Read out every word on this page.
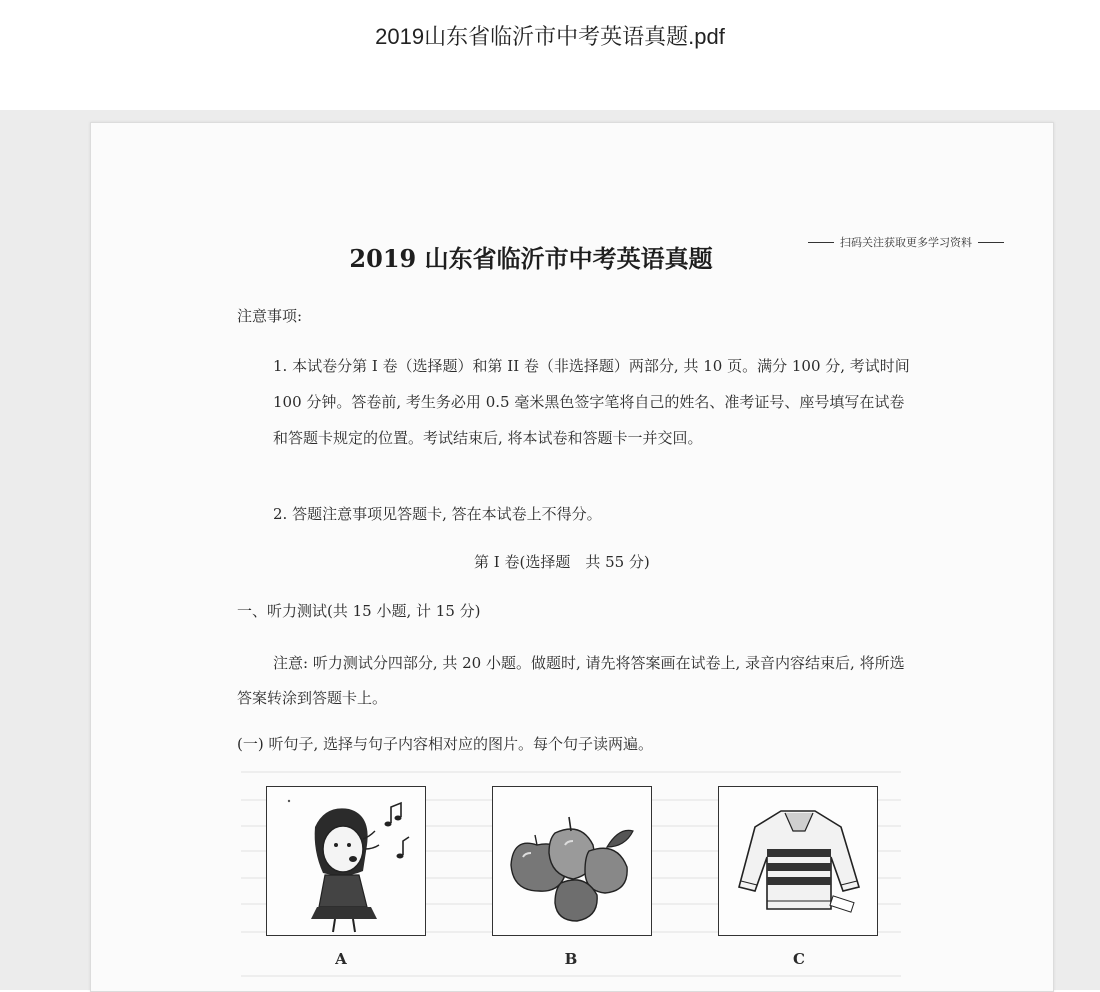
2019山东省临沂市中考英语真题.pdf
扫码关注获取更多学习资料
2019 山东省临沂市中考英语真题
注意事项:
1. 本试卷分第 I 卷（选择题）和第 II 卷（非选择题）两部分, 共 10 页。满分 100 分, 考试时间 100 分钟。答卷前, 考生务必用 0.5 毫米黑色签字笔将自己的姓名、准考证号、座号填写在试卷和答题卡规定的位置。考试结束后, 将本试卷和答题卡一并交回。
2. 答题注意事项见答题卡, 答在本试卷上不得分。
第 I 卷(选择题　共 55 分)
一、听力测试(共 15 小题, 计 15 分)
注意: 听力测试分四部分, 共 20 小题。做题时, 请先将答案画在试卷上, 录音内容结束后, 将所选答案转涂到答题卡上。
(一) 听句子, 选择与句子内容相对应的图片。每个句子读两遍。
A	B	C
